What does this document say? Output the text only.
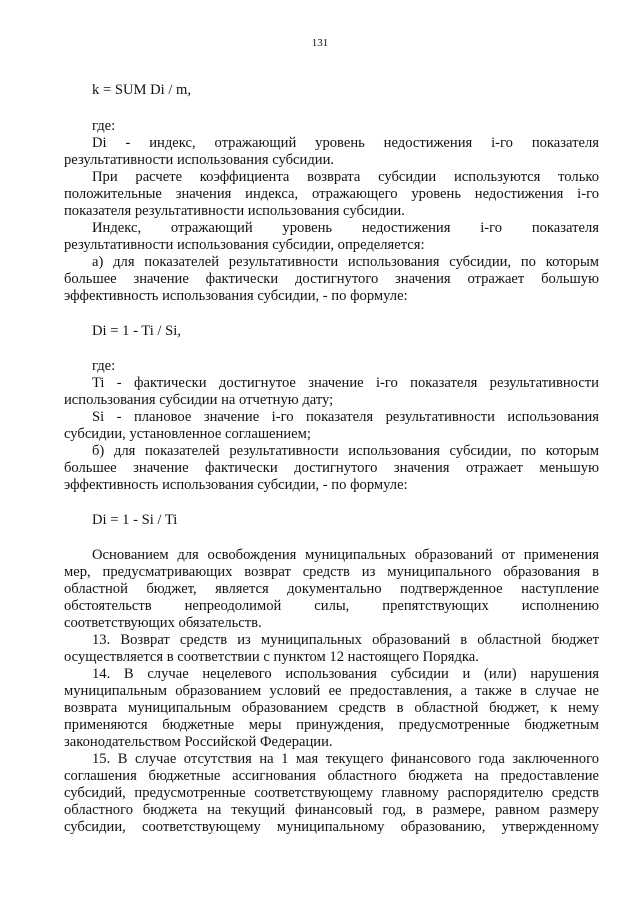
131
k = SUM Di / m,
где:
Di - индекс, отражающий уровень недостижения i-го показателя
результативности использования субсидии.
При расчете коэффициента возврата субсидии используются только
положительные значения индекса, отражающего уровень недостижения i-го
показателя результативности использования субсидии.
Индекс, отражающий уровень недостижения i-го показателя
результативности использования субсидии, определяется:
а) для показателей результативности использования субсидии, по которым
большее значение фактически достигнутого значения отражает большую
эффективность использования субсидии, - по формуле:
Di = 1 - Ti / Si,
где:
Ti - фактически достигнутое значение i-го показателя результативности
использования субсидии на отчетную дату;
Si - плановое значение i-го показателя результативности использования
субсидии, установленное соглашением;
б) для показателей результативности использования субсидии, по которым
большее значение фактически достигнутого значения отражает меньшую
эффективность использования субсидии, - по формуле:
Di = 1 - Si / Ti
Основанием для освобождения муниципальных образований от применения
мер, предусматривающих возврат средств из муниципального образования в
областной бюджет, является документально подтвержденное наступление
обстоятельств непреодолимой силы, препятствующих исполнению
соответствующих обязательств.
13. Возврат средств из муниципальных образований в областной бюджет
осуществляется в соответствии с пунктом 12 настоящего Порядка.
14. В случае нецелевого использования субсидии и (или) нарушения
муниципальным образованием условий ее предоставления, а также в случае не
возврата муниципальным образованием средств в областной бюджет, к нему
применяются бюджетные меры принуждения, предусмотренные бюджетным
законодательством Российской Федерации.
15. В случае отсутствия на 1 мая текущего финансового года заключенного
соглашения бюджетные ассигнования областного бюджета на предоставление
субсидий, предусмотренные соответствующему главному распорядителю средств
областного бюджета на текущий финансовый год, в размере, равном размеру
субсидии, соответствующему муниципальному образованию, утвержденному
